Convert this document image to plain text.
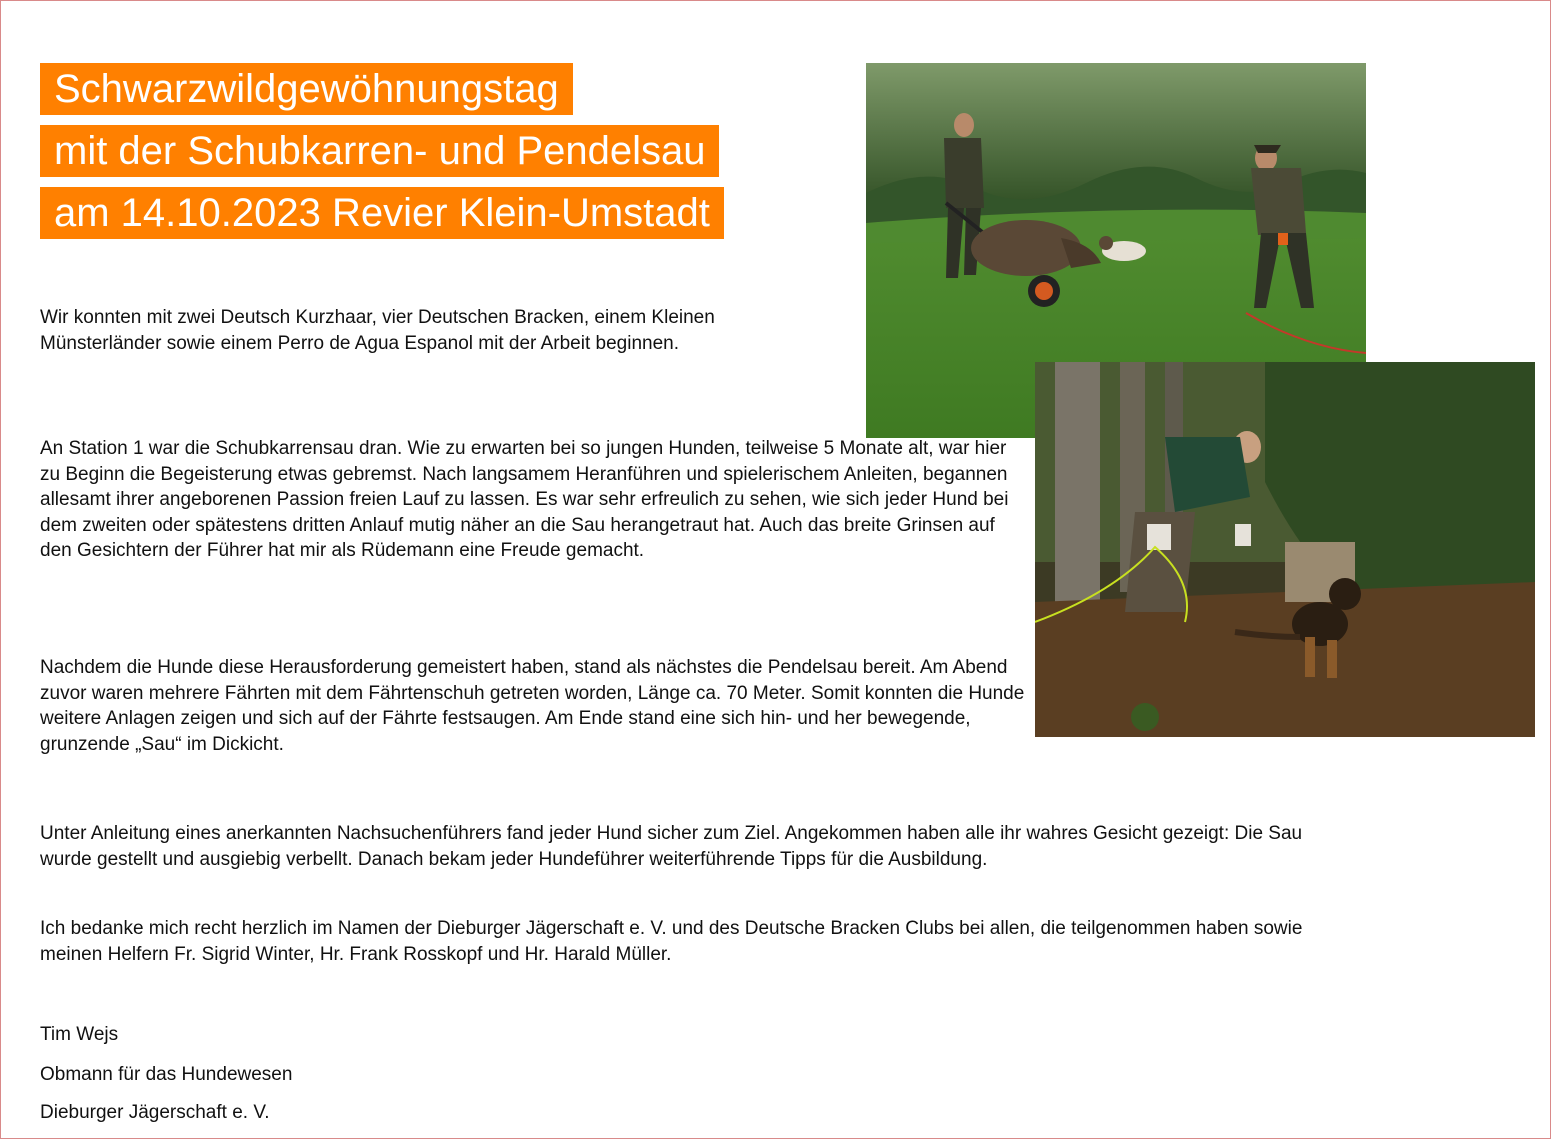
Schwarzwildgewöhnungstag
mit der Schubkarren- und Pendelsau
am 14.10.2023 Revier Klein-Umstadt

Wir konnten mit zwei Deutsch Kurzhaar, vier Deutschen Bracken, einem Kleinen Münsterländer sowie einem Perro de Agua Espanol mit der Arbeit beginnen.

An Station 1 war die Schubkarrensau dran. Wie zu erwarten bei so jungen Hunden, teilweise 5 Monate alt, war hier zu Beginn die Begeisterung etwas gebremst. Nach langsamem Heranführen und spielerischem Anleiten, begannen allesamt ihrer angeborenen Passion freien Lauf zu lassen. Es war sehr erfreulich zu sehen, wie sich jeder Hund bei dem zweiten oder spätestens dritten Anlauf mutig näher an die Sau herangetraut hat. Auch das breite Grinsen auf den Gesichtern der Führer hat mir als Rüdemann eine Freude gemacht.

Nachdem die Hunde diese Herausforderung gemeistert haben, stand als nächstes die Pendelsau bereit. Am Abend zuvor waren mehrere Fährten mit dem Fährtenschuh getreten worden, Länge ca. 70 Meter. Somit konnten die Hunde weitere Anlagen zeigen und sich auf der Fährte festsaugen. Am Ende stand eine sich hin- und her bewegende, grunzende „Sau“ im Dickicht.

Unter Anleitung eines anerkannten Nachsuchenführers fand jeder Hund sicher zum Ziel. Angekommen haben alle ihr wahres Gesicht gezeigt: Die Sau wurde gestellt und ausgiebig verbellt. Danach bekam jeder Hundeführer weiterführende Tipps für die Ausbildung.

Ich bedanke mich recht herzlich im Namen der Dieburger Jägerschaft e. V. und des Deutsche Bracken Clubs bei allen, die teilgenommen haben sowie meinen Helfern Fr. Sigrid Winter, Hr. Frank Rosskopf und Hr. Harald Müller.

Tim Wejs

Obmann für das Hundewesen

Dieburger Jägerschaft e. V.
